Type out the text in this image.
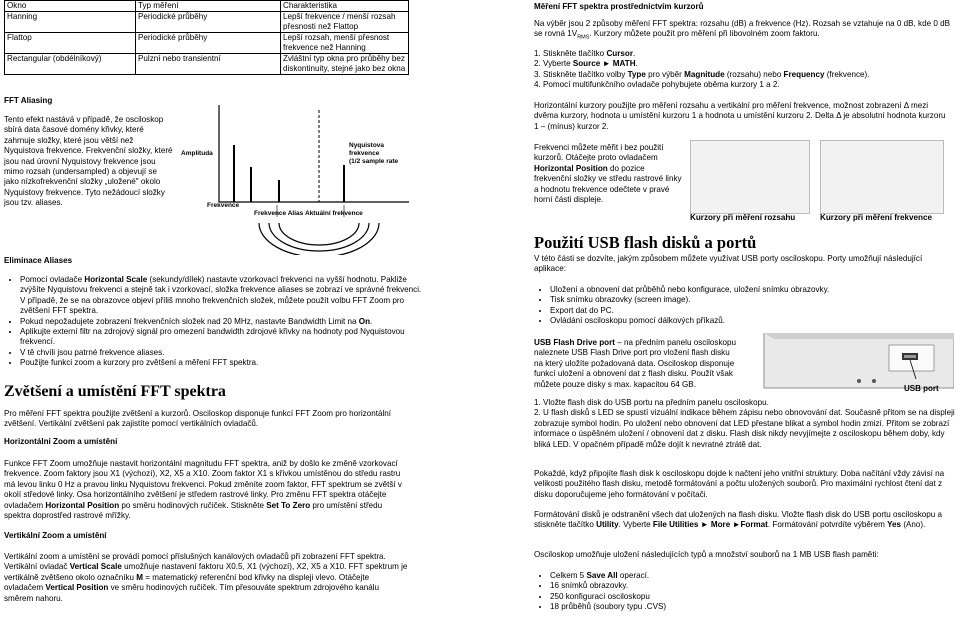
Okno	Typ měření	Charakteristika
Hanning	Periodické průběhy	Lepší frekvence / menší rozsah přesnosti než Flattop
Flattop	Periodické průběhy	Lepší rozsah, menší přesnost frekvence než Hanning
Rectangular (obdélníkový)	Pulzní nebo transientní	Zvláštní typ okna pro průběhy bez diskontinuity, stejné jako bez okna

FFT Aliasing

Tento efekt nastává v případě, že osciloskop sbírá data časové domény křivky, které zahrnuje složky, které jsou větší než Nyquistova frekvence. Frekvenční složky, které jsou nad úrovní Nyquistovy frekvence jsou mimo rozsah (undersampled) a objevují se jako nízkofrekvenční složky „uložené" okolo Nyquistovy frekvence. Tyto nežádoucí složky jsou tzv. aliases.

Amplituda
Nyquistova
frekvence
(1/2 sample rate
Frekvence
Frekvence Alias Aktuální frekvence

Eliminace Aliases

• Pomocí ovladače Horizontal Scale (sekundy/dílek) nastavte vzorkovací frekvenci na vyšší hodnotu. Pakliže zvýšíte Nyquistovu frekvenci a stejně tak i vzorkovací, složka frekvence aliases se zobrazí ve správné frekvenci. V případě, že se na obrazovce objeví příliš mnoho frekvenčních složek, můžete použít volbu FFT Zoom pro zvětšení FFT spektra.
• Pokud nepožadujete zobrazení frekvenčních složek nad 20 MHz, nastavte Bandwidth Limit na On.
• Aplikujte externí filtr na zdrojový signál pro omezení bandwidth zdrojové křivky na hodnoty pod Nyquistovou frekvencí.
• V tě chvíli jsou patrné frekvence aliases.
• Použijte funkci zoom a kurzory pro zvětšení a měření FFT spektra.

Zvětšení a umístění FFT spektra

Pro měření FFT spektra použijte zvětšení a kurzorů. Osciloskop disponuje funkcí FFT Zoom pro horizontální zvětšení. Vertikální zvětšení pak zajistíte pomocí vertikálních ovladačů.

Horizontální Zoom a umístění

Funkce FFT Zoom umožňuje nastavit horizontální magnitudu FFT spektra, aniž by došlo ke změně vzorkovací frekvence. Zoom faktory jsou X1 (výchozí), X2, X5 a X10. Zoom faktor X1 s křivkou umístěnou do středu rastru má levou linku 0 Hz a pravou linku Nyquistovu frekvenci. Pokud změníte zoom faktor, FFT spektrum se zvětší v okolí středové linky. Osa horizontálního zvětšení je středem rastrové linky. Pro změnu FFT spektra otáčejte ovladačem Horizontal Position po směru hodinových ručiček. Stiskněte Set To Zero pro umístění středu spektra doprostřed rastrové mřížky.

Vertikální Zoom a umístění

Vertikální zoom a umístění se provádí pomocí příslušných kanálových ovladačů při zobrazení FFT spektra. Vertikální ovladač Vertical Scale umožňuje nastavení faktoru X0.5, X1 (výchozí), X2, X5 a X10. FFT spektrum je vertikálně zvětšeno okolo označníku M = matematický referenční bod křivky na displeji vlevo. Otáčejte ovladačem Vertical Position ve směru hodinových ručiček. Tím přesouváte spektrum zdrojového kanálu směrem nahoru.

Měření FFT spektra prostřednictvím kurzorů

Na výběr jsou 2 způsoby měření FFT spektra: rozsahu (dB) a frekvence (Hz). Rozsah se vztahuje na 0 dB, kde 0 dB se rovná $1V_{RMS}$. Kurzory můžete použít pro měření při libovolném zoom faktoru.

1. Stiskněte tlačítko Cursor.

2. Vyberte Source ► MATH.

3. Stiskněte tlačítko volby Type pro výběr Magnitude (rozsahu) nebo Frequency (frekvence).

4. Pomocí multifunkčního ovladače pohybujete oběma kurzory 1 a 2.

Horizontální kurzory použijte pro měření rozsahu a vertikální pro měření frekvence, možnost zobrazení Δ mezi dvěma kurzory, hodnota u umístění kurzoru 1 a hodnota u umístění kurzoru 2. Delta Δ je absolutní hodnota kurzoru 1 – (mínus) kurzor 2.

Frekvenci můžete měřit i bez použití kurzorů. Otáčejte proto ovladačem Horizontal Position do pozice frekvenční složky ve středu rastrové linky a hodnotu frekvence odečtete v pravé horní části displeje.

Kurzory při měření rozsahu	Kurzory při měření frekvence

Použití USB flash disků a portů

V této části se dozvíte, jakým způsobem můžete využívat USB porty osciloskopu. Porty umožňují následující aplikace:

• Uložení a obnovení dat průběhů nebo konfigurace, uložení snímku obrazovky.
• Tisk snímku obrazovky (screen image).
• Export dat do PC.
• Ovládání osciloskopu pomocí dálkových příkazů.

USB Flash Drive port – na předním panelu osciloskopu naleznete USB Flash Drive port pro vložení flash disku na který uložíte požadovaná data. Osciloskop disponuje funkcí uložení a obnovení dat z flash disku. Použít však můžete pouze disky s max. kapacitou 64 GB.	USB port

1. Vložte flash disk do USB portu na předním panelu osciloskopu.

2. U flash disků s LED se spustí vizuální indikace během zápisu nebo obnovování dat. Současně přitom se na displeji zobrazuje symbol hodin. Po uložení nebo obnovení dat LED přestane blikat a symbol hodin zmizí. Přitom se zobrazí informace o úspěšném uložení / obnovení dat z disku. Flash disk nikdy nevyjímejte z osciloskopu během doby, kdy bliká LED. V opačném případě může dojít k nevratné ztrátě dat.

Pokaždé, když připojíte flash disk k osciloskopu dojde k načtení jeho vnitřní struktury. Doba načítání vždy závisí na velikosti použitého flash disku, metodě formátování a počtu uložených souborů. Pro maximální rychlost čtení dat z disku doporučujeme jeho formátování v počítači.

Formátování disků je odstranění všech dat uložených na flash disku. Vložte flash disk do USB portu osciloskopu a stiskněte tlačítko Utility. Vyberte File Utilities ► More ►Format. Formátování potvrdíte výběrem Yes (Ano).

Osciloskop umožňuje uložení následujících typů a množství souborů na 1 MB USB flash paměti:

• Celkem 5 Save All operací.
• 16 snímků obrazovky.
• 250 konfigurací osciloskopu
• 18 průběhů (soubory typu .CVS)
